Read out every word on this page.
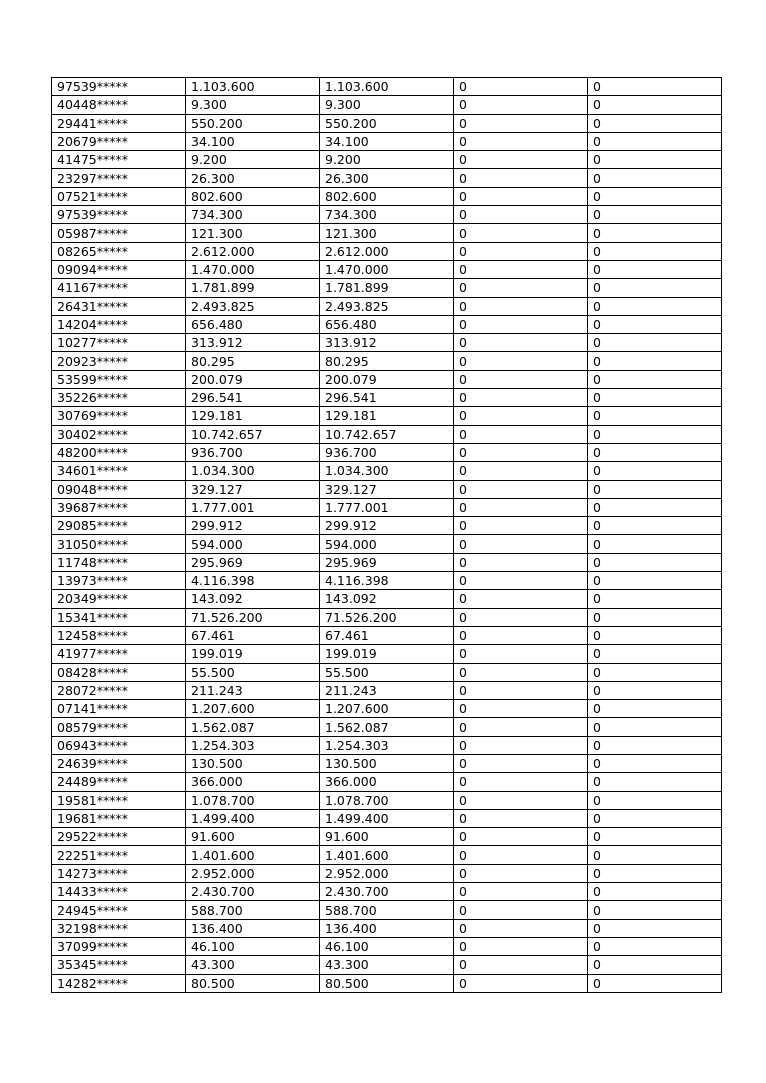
97539*****	1.103.600	1.103.600	0	0
40448*****	9.300	9.300	0	0
29441*****	550.200	550.200	0	0
20679*****	34.100	34.100	0	0
41475*****	9.200	9.200	0	0
23297*****	26.300	26.300	0	0
07521*****	802.600	802.600	0	0
97539*****	734.300	734.300	0	0
05987*****	121.300	121.300	0	0
08265*****	2.612.000	2.612.000	0	0
09094*****	1.470.000	1.470.000	0	0
41167*****	1.781.899	1.781.899	0	0
26431*****	2.493.825	2.493.825	0	0
14204*****	656.480	656.480	0	0
10277*****	313.912	313.912	0	0
20923*****	80.295	80.295	0	0
53599*****	200.079	200.079	0	0
35226*****	296.541	296.541	0	0
30769*****	129.181	129.181	0	0
30402*****	10.742.657	10.742.657	0	0
48200*****	936.700	936.700	0	0
34601*****	1.034.300	1.034.300	0	0
09048*****	329.127	329.127	0	0
39687*****	1.777.001	1.777.001	0	0
29085*****	299.912	299.912	0	0
31050*****	594.000	594.000	0	0
11748*****	295.969	295.969	0	0
13973*****	4.116.398	4.116.398	0	0
20349*****	143.092	143.092	0	0
15341*****	71.526.200	71.526.200	0	0
12458*****	67.461	67.461	0	0
41977*****	199.019	199.019	0	0
08428*****	55.500	55.500	0	0
28072*****	211.243	211.243	0	0
07141*****	1.207.600	1.207.600	0	0
08579*****	1.562.087	1.562.087	0	0
06943*****	1.254.303	1.254.303	0	0
24639*****	130.500	130.500	0	0
24489*****	366.000	366.000	0	0
19581*****	1.078.700	1.078.700	0	0
19681*****	1.499.400	1.499.400	0	0
29522*****	91.600	91.600	0	0
22251*****	1.401.600	1.401.600	0	0
14273*****	2.952.000	2.952.000	0	0
14433*****	2.430.700	2.430.700	0	0
24945*****	588.700	588.700	0	0
32198*****	136.400	136.400	0	0
37099*****	46.100	46.100	0	0
35345*****	43.300	43.300	0	0
14282*****	80.500	80.500	0	0
